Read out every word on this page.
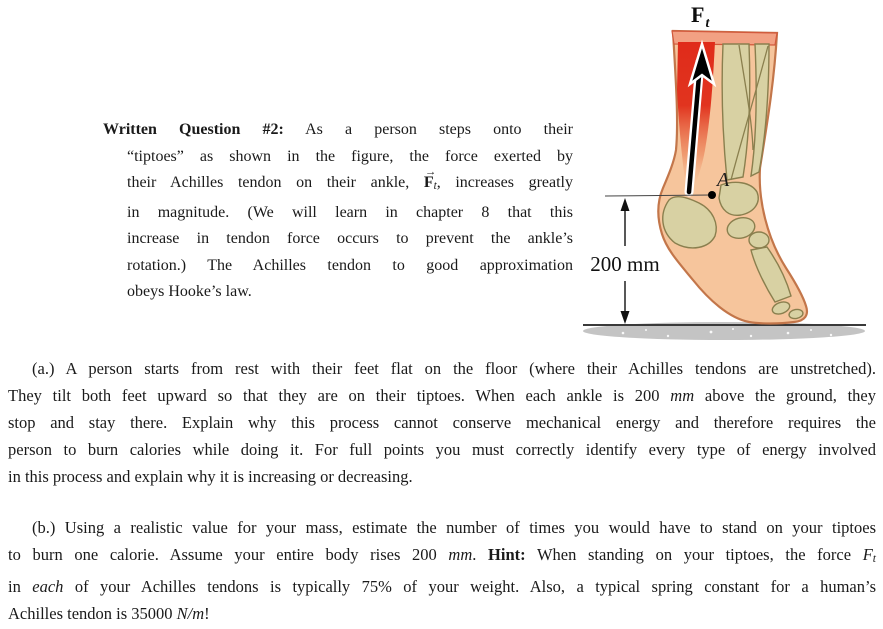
Written Question #2: As a person steps onto their
“tiptoes” as shown in the figure, the force exerted by
their Achilles tendon on their ankle, → Ft, increases greatly
in magnitude. (We will learn in chapter 8 that this
increase in tendon force occurs to prevent the ankle’s
rotation.) The Achilles tendon to good approximation
obeys Hooke’s law.
(a.) A person starts from rest with their feet flat on the floor (where their Achilles tendons are unstretched).
They tilt both feet upward so that they are on their tiptoes. When each ankle is 200 mm above the ground, they
stop and stay there. Explain why this process cannot conserve mechanical energy and therefore requires the
person to burn calories while doing it. For full points you must correctly identify every type of energy involved
in this process and explain why it is increasing or decreasing.
(b.) Using a realistic value for your mass, estimate the number of times you would have to stand on your tiptoes
to burn one calorie. Assume your entire body rises 200 mm. Hint: When standing on your tiptoes, the force Ft
in each of your Achilles tendons is typically 75% of your weight. Also, a typical spring constant for a human’s
Achilles tendon is 35000 N/m!
A
200 mm
$F_t$
